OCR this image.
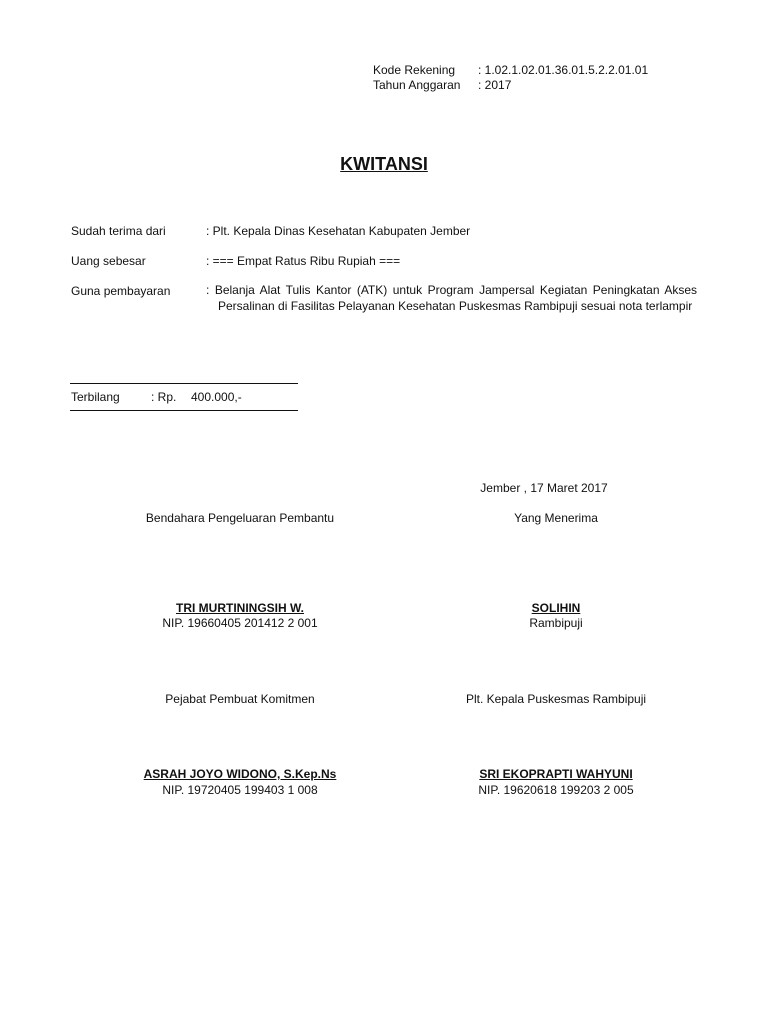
Kode Rekening : 1.02.1.02.01.36.01.5.2.2.01.01
Tahun Anggaran : 2017
KWITANSI
Sudah terima dari	: Plt. Kepala Dinas Kesehatan Kabupaten Jember
Uang sebesar	: === Empat Ratus Ribu Rupiah ===
Guna pembayaran	: Belanja Alat Tulis Kantor (ATK) untuk Program Jampersal Kegiatan Peningkatan Akses Persalinan di Fasilitas Pelayanan Kesehatan Puskesmas Rambipuji sesuai nota terlampir
Terbilang	: Rp. 400.000,-
Jember , 17 Maret 2017
Bendahara Pengeluaran Pembantu	Yang Menerima
TRI MURTININGSIH W.	SOLIHIN
NIP. 19660405 201412 2 001	Rambipuji
Pejabat Pembuat Komitmen	Plt. Kepala Puskesmas Rambipuji
ASRAH JOYO WIDONO, S.Kep.Ns	SRI EKOPRAPTI WAHYUNI
NIP. 19720405 199403 1 008	NIP. 19620618 199203 2 005
